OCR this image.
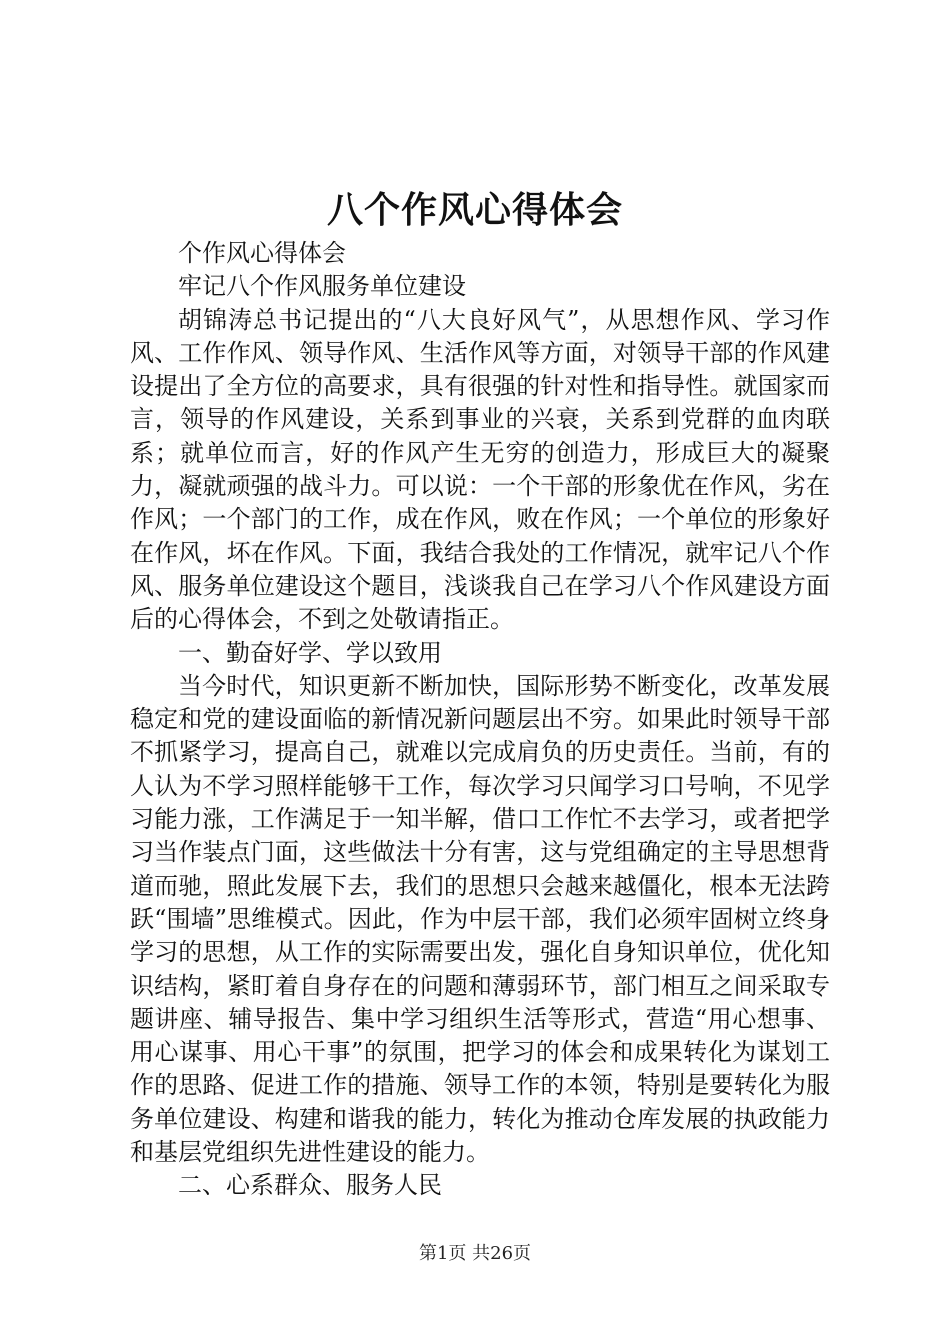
八个作风心得体会

个作风心得体会

牢记八个作风服务单位建设

胡锦涛总书记提出的“八大良好风气”，从思想作风、学习作风、工作作风、领导作风、生活作风等方面，对领导干部的作风建设提出了全方位的高要求，具有很强的针对性和指导性。就国家而言，领导的作风建设，关系到事业的兴衰，关系到党群的血肉联系；就单位而言，好的作风产生无穷的创造力，形成巨大的凝聚力，凝就顽强的战斗力。可以说：一个干部的形象优在作风，劣在作风；一个部门的工作，成在作风，败在作风；一个单位的形象好在作风，坏在作风。下面，我结合我处的工作情况，就牢记八个作风、服务单位建设这个题目，浅谈我自己在学习八个作风建设方面后的心得体会，不到之处敬请指正。

一、勤奋好学、学以致用

当今时代，知识更新不断加快，国际形势不断变化，改革发展稳定和党的建设面临的新情况新问题层出不穷。如果此时领导干部不抓紧学习，提高自己，就难以完成肩负的历史责任。当前，有的人认为不学习照样能够干工作，每次学习只闻学习口号响，不见学习能力涨，工作满足于一知半解，借口工作忙不去学习，或者把学习当作装点门面，这些做法十分有害，这与党组确定的主导思想背道而驰，照此发展下去，我们的思想只会越来越僵化，根本无法跨跃“围墙”思维模式。因此，作为中层干部，我们必须牢固树立终身学习的思想，从工作的实际需要出发，强化自身知识单位，优化知识结构，紧盯着自身存在的问题和薄弱环节，部门相互之间采取专题讲座、辅导报告、集中学习组织生活等形式，营造“用心想事、用心谋事、用心干事”的氛围，把学习的体会和成果转化为谋划工作的思路、促进工作的措施、领导工作的本领，特别是要转化为服务单位建设、构建和谐我的能力，转化为推动仓库发展的执政能力和基层党组织先进性建设的能力。

二、心系群众、服务人民

第1页 共26页
